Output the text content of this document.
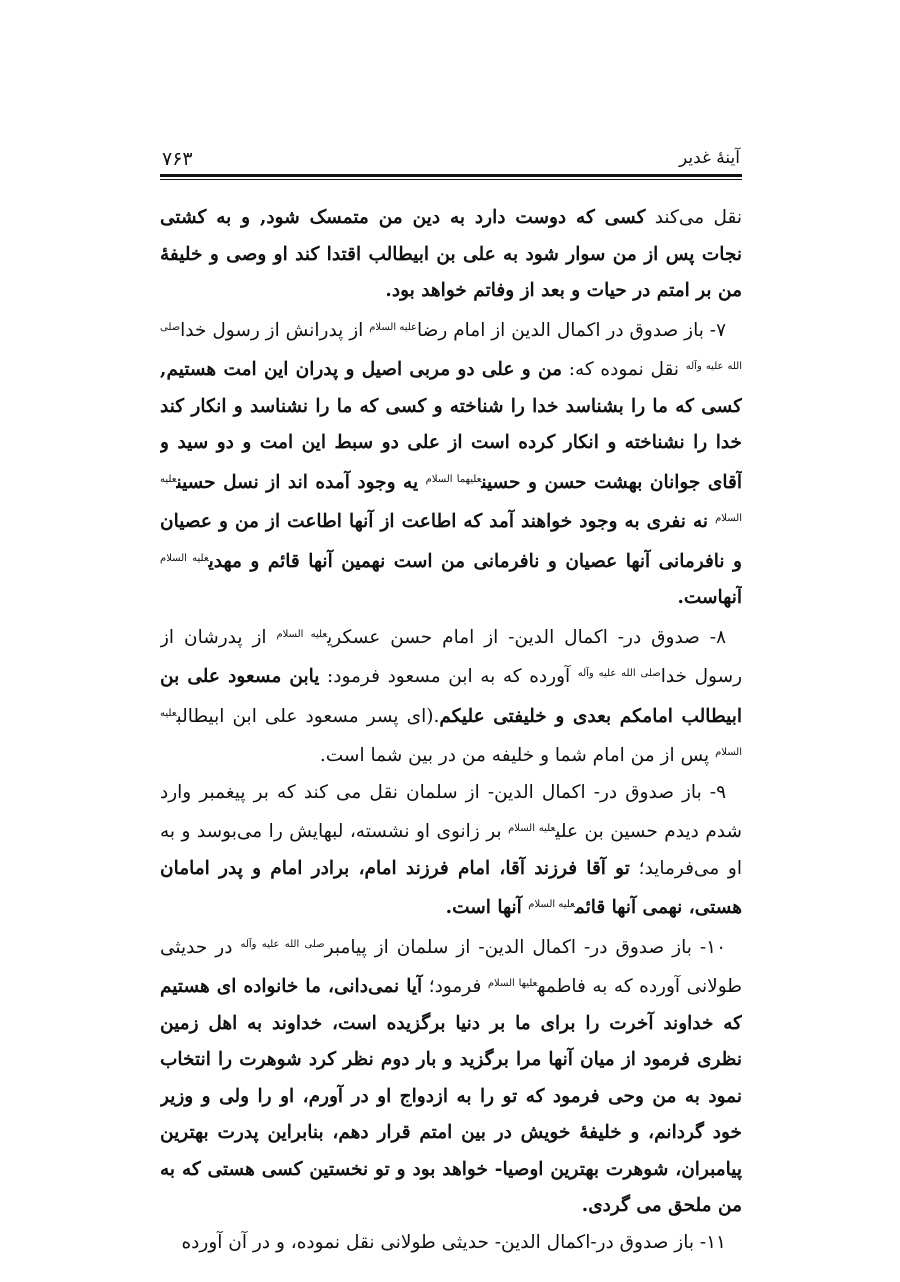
آینهٔ غدیر
۷۶۳

نقل می‌کند کسی که دوست دارد به دین من متمسک شود, و به کشتی نجات پس از من سوار شود به علی بن ابیطالب اقتدا کند او وصی و خلیفهٔ من بر امتم در حیات و بعد از وفاتم خواهد بود.

۷- باز صدوق در اکمال الدین از امام رضا$^{عليه السلام}$ از پدرانش از رسول خدا$^{صلى الله عليه وآله}$ نقل نموده که: من و علی دو مربی اصیل و پدران این امت هستیم, کسی که ما را بشناسد خدا را شناخته و کسی که ما را نشناسد و انکار کند خدا را نشناخته و انکار کرده است از علی دو سبط این امت و دو سید و آقای جوانان بهشت حسن و حسین$^{عليهما السلام}$ یه وجود آمده اند از نسل حسین$^{عليه السلام}$ نه نفری به وجود خواهند آمد که اطاعت از آنها اطاعت از من و عصیان و نافرمانی آنها عصیان و نافرمانی من است نهمین آنها قائم و مهدی$^{عليه السلام}$ آنهاست.

۸- صدوق در- اکمال الدین- از امام حسن عسکری$^{عليه السلام}$ از پدرشان از رسول خدا$^{صلى الله عليه وآله}$ آورده که به ابن مسعود فرمود: یابن مسعود علی بن ابیطالب امامکم بعدی و خلیفتی علیکم.(ای پسر مسعود علی ابن ابیطالب$^{عليه السلام}$ پس از من امام شما و خلیفه من در بین شما است.

۹- باز صدوق در- اکمال الدین- از سلمان نقل می کند که بر پیغمبر وارد شدم دیدم حسین بن علی$^{عليه السلام}$ بر زانوی او نشسته، لبهایش را می‌بوسد و به او می‌فرماید؛ تو آقا فرزند آقا، امام فرزند امام، برادر امام و پدر امامان هستی، نهمی آنها قائم$^{عليه السلام}$ آنها است.

۱۰- باز صدوق در- اکمال الدین- از سلمان از پیامبر$^{صلى الله عليه وآله}$ در حدیثی طولانی آورده که به فاطمه$^{عليها السلام}$ فرمود؛ آیا نمی‌دانی، ما خانواده ای هستیم که خداوند آخرت را برای ما بر دنیا برگزیده است، خداوند به اهل زمین نظری فرمود از میان آنها مرا برگزید و بار دوم نظر کرد شوهرت را انتخاب نمود به من وحی فرمود که تو را به ازدواج او در آورم، او را ولی و وزیر خود گردانم، و خلیفهٔ خویش در بین امتم قرار دهم، بنابراین پدرت بهترین پیامبران، شوهرت بهترین اوصیا- خواهد بود و تو نخستین کسی هستی که به من ملحق می گردی.

۱۱- باز صدوق در-اکمال الدین- حدیثی طولانی نقل نموده، و در آن آورده
